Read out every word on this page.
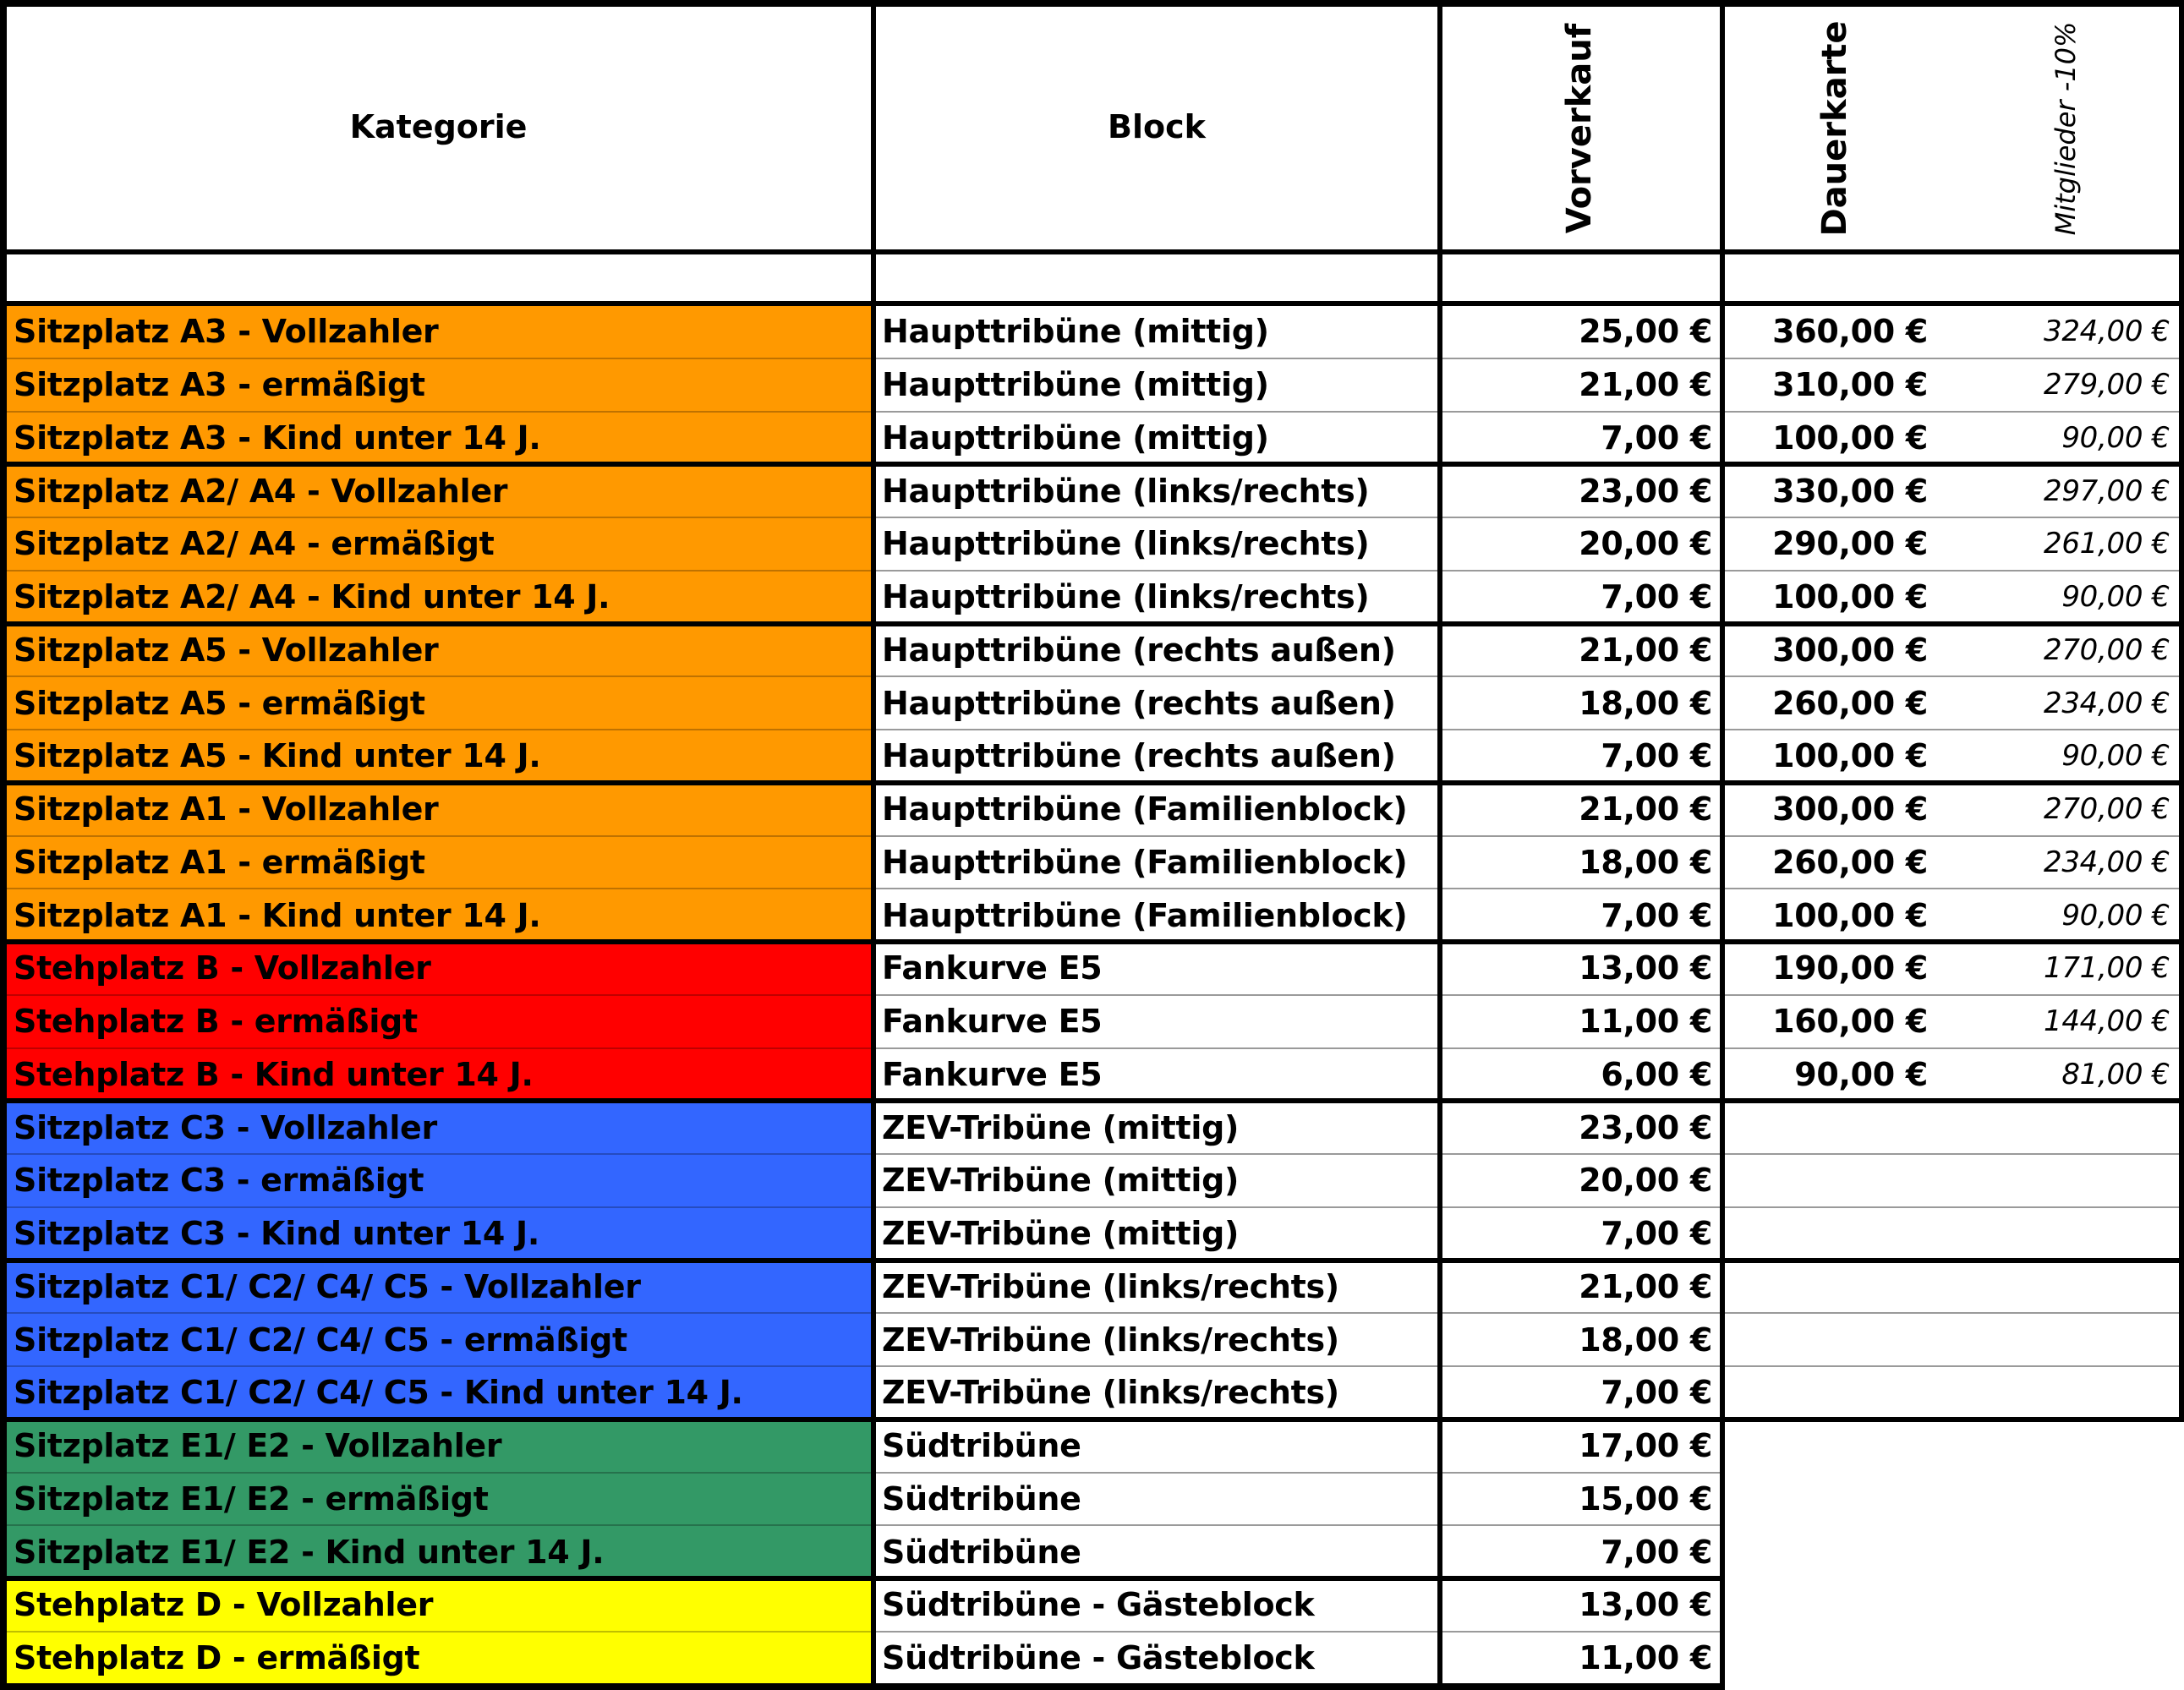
Kategorie	Block	Vorverkauf	Dauerkarte	Mitglieder -10%
Sitzplatz A3 - Vollzahler	Haupttribüne (mittig)	25,00 €	360,00 €	324,00 €
Sitzplatz A3 - ermäßigt	Haupttribüne (mittig)	21,00 €	310,00 €	279,00 €
Sitzplatz A3 - Kind unter 14 J.	Haupttribüne (mittig)	7,00 €	100,00 €	90,00 €
Sitzplatz A2/ A4 - Vollzahler	Haupttribüne (links/rechts)	23,00 €	330,00 €	297,00 €
Sitzplatz A2/ A4 - ermäßigt	Haupttribüne (links/rechts)	20,00 €	290,00 €	261,00 €
Sitzplatz A2/ A4 - Kind unter 14 J.	Haupttribüne (links/rechts)	7,00 €	100,00 €	90,00 €
Sitzplatz A5 - Vollzahler	Haupttribüne (rechts außen)	21,00 €	300,00 €	270,00 €
Sitzplatz A5 - ermäßigt	Haupttribüne (rechts außen)	18,00 €	260,00 €	234,00 €
Sitzplatz A5 - Kind unter 14 J.	Haupttribüne (rechts außen)	7,00 €	100,00 €	90,00 €
Sitzplatz A1 - Vollzahler	Haupttribüne (Familienblock)	21,00 €	300,00 €	270,00 €
Sitzplatz A1 - ermäßigt	Haupttribüne (Familienblock)	18,00 €	260,00 €	234,00 €
Sitzplatz A1 - Kind unter 14 J.	Haupttribüne (Familienblock)	7,00 €	100,00 €	90,00 €
Stehplatz B - Vollzahler	Fankurve E5	13,00 €	190,00 €	171,00 €
Stehplatz B - ermäßigt	Fankurve E5	11,00 €	160,00 €	144,00 €
Stehplatz B - Kind unter 14 J.	Fankurve E5	6,00 €	90,00 €	81,00 €
Sitzplatz C3 - Vollzahler	ZEV-Tribüne (mittig)	23,00 €
Sitzplatz C3 - ermäßigt	ZEV-Tribüne (mittig)	20,00 €
Sitzplatz C3 - Kind unter 14 J.	ZEV-Tribüne (mittig)	7,00 €
Sitzplatz C1/ C2/ C4/ C5 - Vollzahler	ZEV-Tribüne (links/rechts)	21,00 €
Sitzplatz C1/ C2/ C4/ C5 - ermäßigt	ZEV-Tribüne (links/rechts)	18,00 €
Sitzplatz C1/ C2/ C4/ C5 - Kind unter 14 J.	ZEV-Tribüne (links/rechts)	7,00 €
Sitzplatz E1/ E2 - Vollzahler	Südtribüne	17,00 €
Sitzplatz E1/ E2 - ermäßigt	Südtribüne	15,00 €
Sitzplatz E1/ E2 - Kind unter 14 J.	Südtribüne	7,00 €
Stehplatz D - Vollzahler	Südtribüne - Gästeblock	13,00 €
Stehplatz D - ermäßigt	Südtribüne - Gästeblock	11,00 €
